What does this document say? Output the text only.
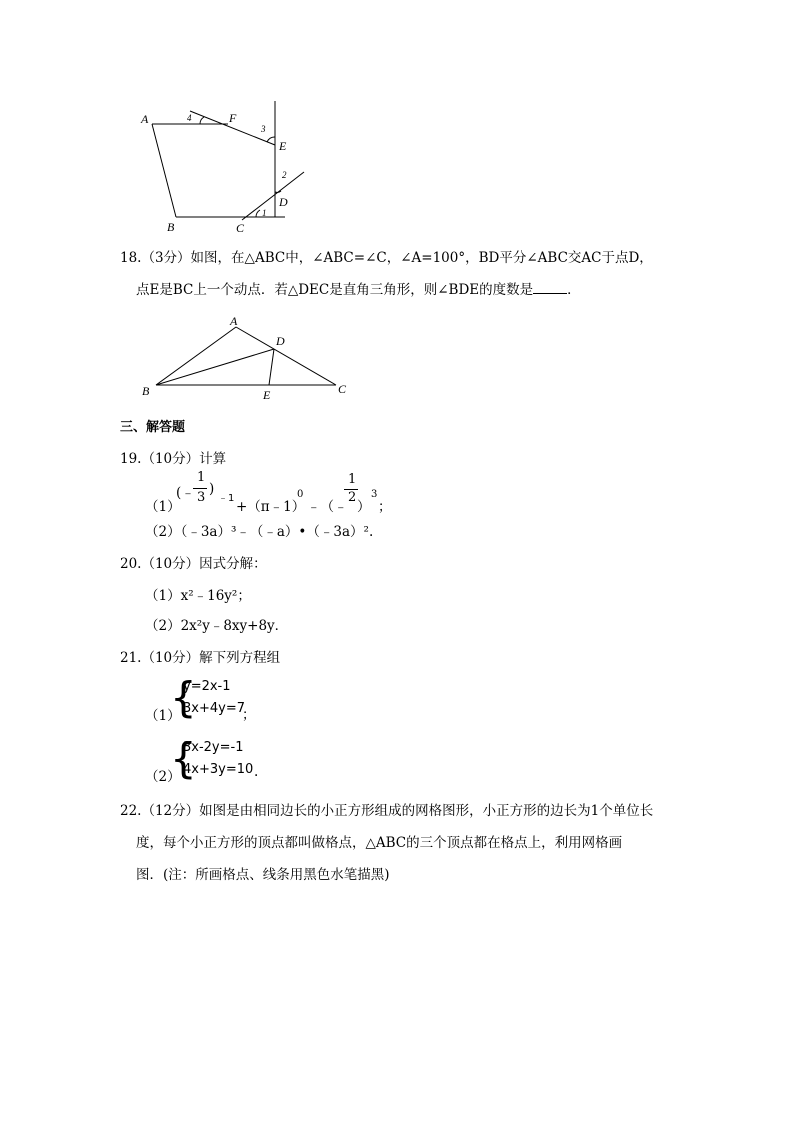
A	F
E
D
B	C
4
3
2
1
18.（3分）如图，在△ABC中，∠ABC=∠C，∠A=100°，BD平分∠ABC交AC于点D，
点E是BC上一个动点．若△DEC是直角三角形，则∠BDE的度数是	．
A
D
B	E	C
三、解答题
19.（10分）计算
（1）
(﹣
1
3
)
﹣1
+（π﹣1）
0
﹣（﹣
1
2
）
3
；
（2）（﹣3a）³﹣（﹣a）•（﹣3a）².
20.（10分）因式分解：
（1）x²﹣16y²；
（2）2x²y﹣8xy+8y．
21.（10分）解下列方程组
（1）
{
y=2x-1
3x+4y=7
；
（2）
{
3x-2y=-1
4x+3y=10 .
22.（12分）如图是由相同边长的小正方形组成的网格图形，小正方形的边长为1个单位长
度，每个小正方形的顶点都叫做格点，△ABC的三个顶点都在格点上，利用网格画
图．(注：所画格点、线条用黑色水笔描黑)
